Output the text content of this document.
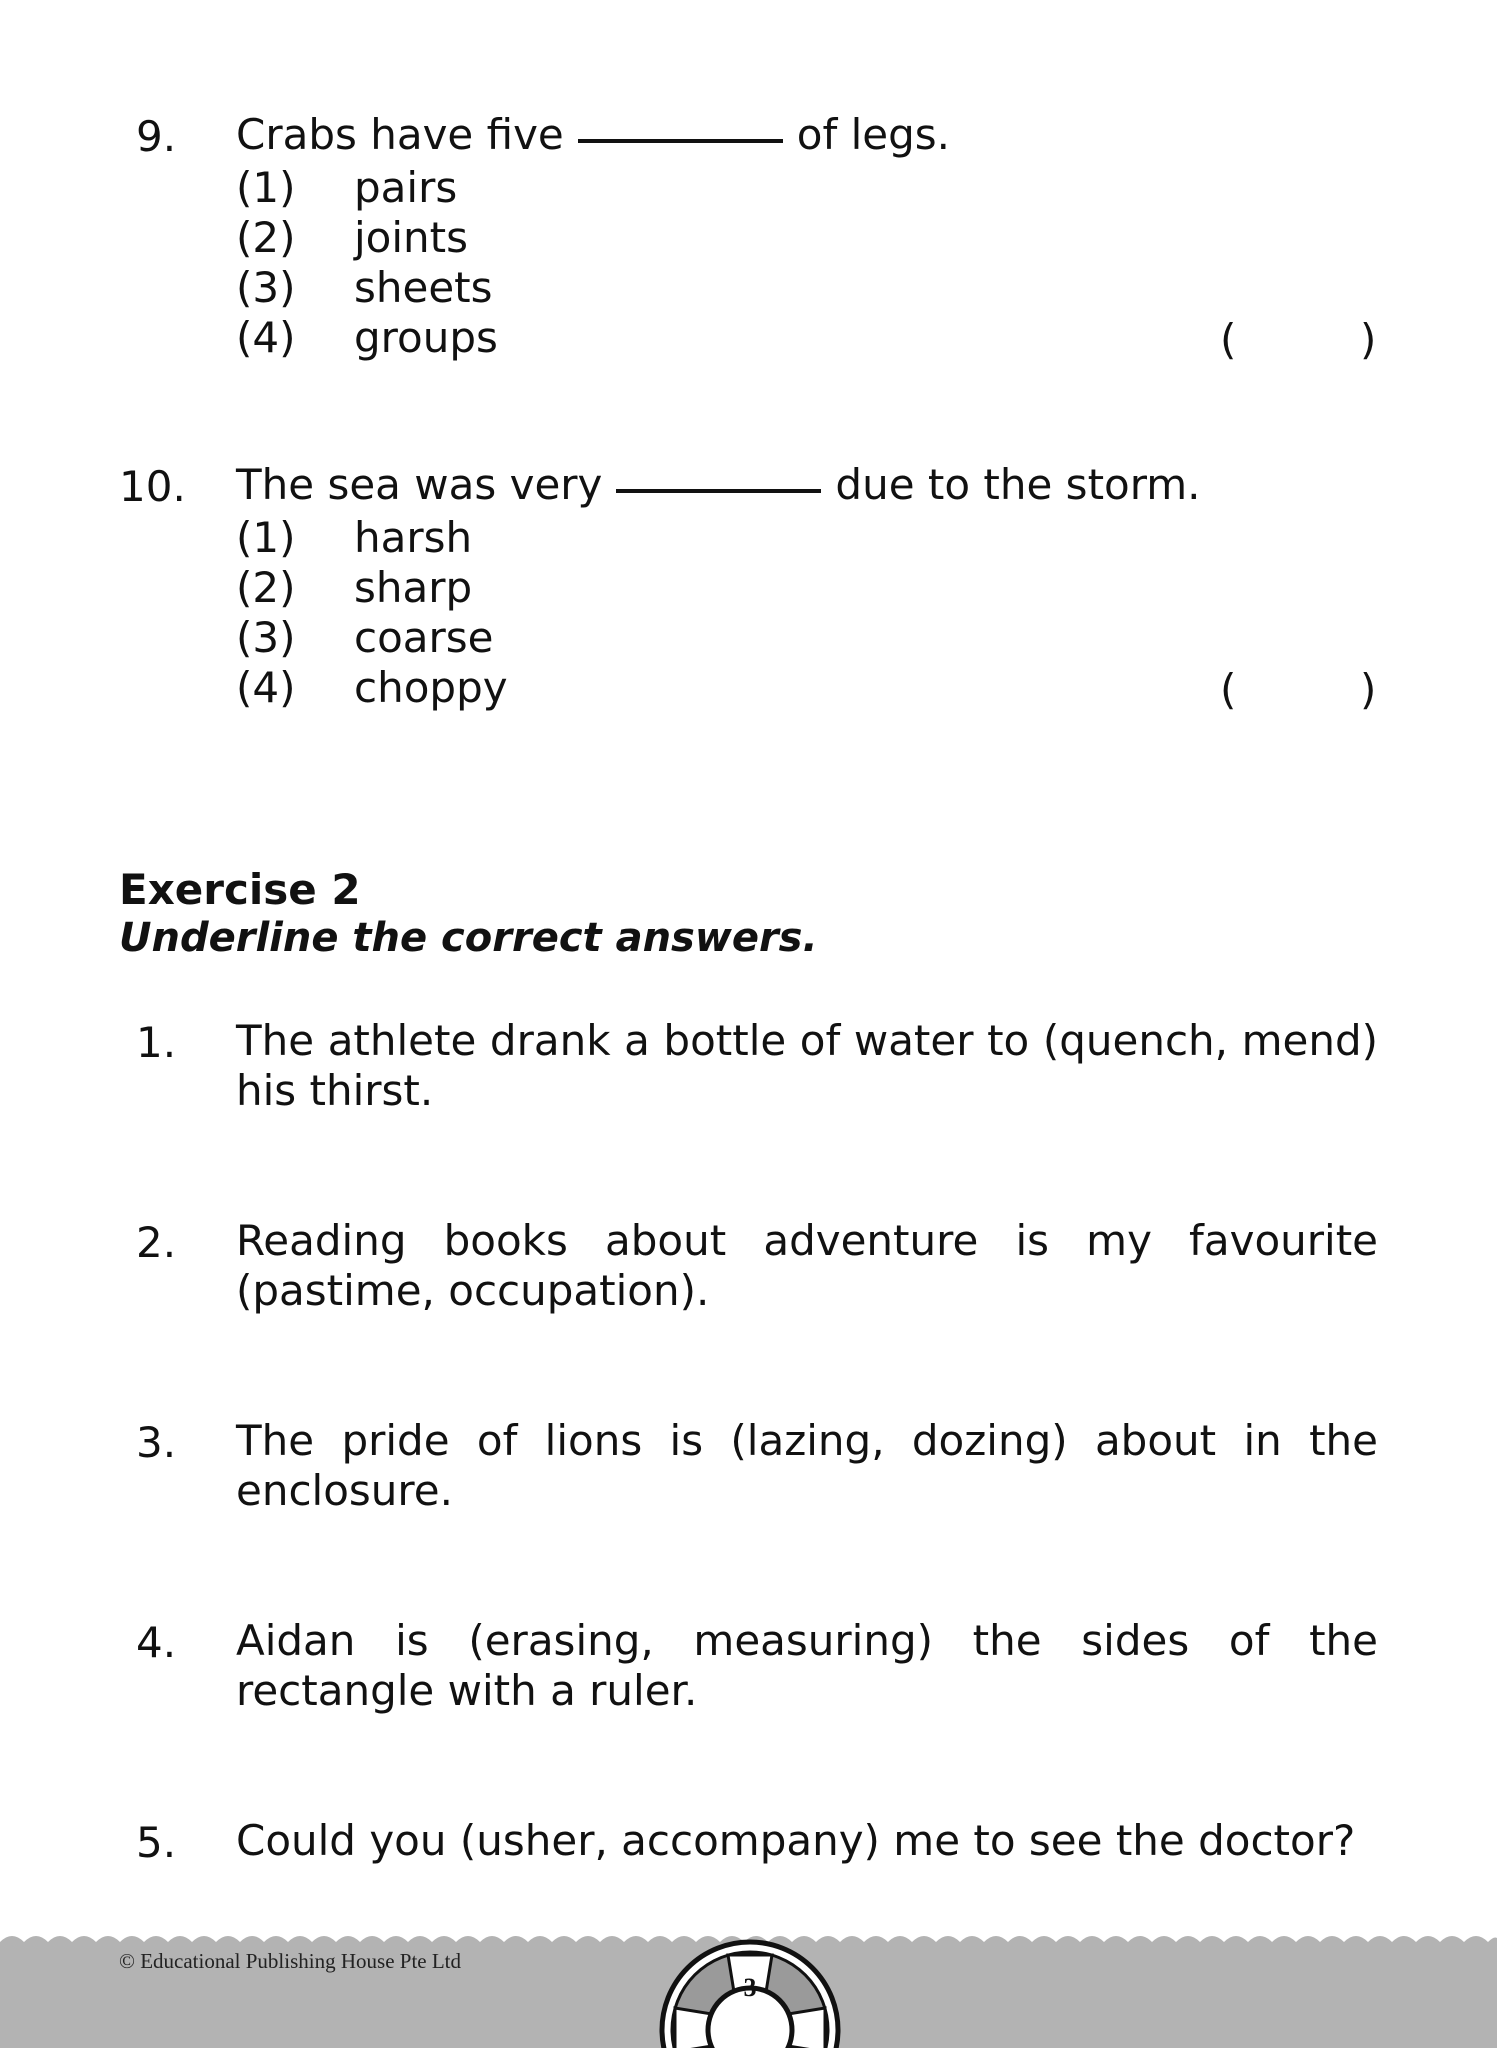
9. Crabs have five	of legs.
(1) pairs
(2) joints
(3) sheets
(4) groups	(	)
10. The sea was very	due to the storm.
(1) harsh
(2) sharp
(3) coarse
(4) choppy	(	)
Exercise 2
Underline the correct answers.
1. The athlete drank a bottle of water to (quench, mend) his thirst.
2. Reading books about adventure is my favourite (pastime, occupation).
3. The pride of lions is (lazing, dozing) about in the enclosure.
4. Aidan is (erasing, measuring) the sides of the rectangle with a ruler.
5. Could you (usher, accompany) me to see the doctor?
© Educational Publishing House Pte Ltd
3
